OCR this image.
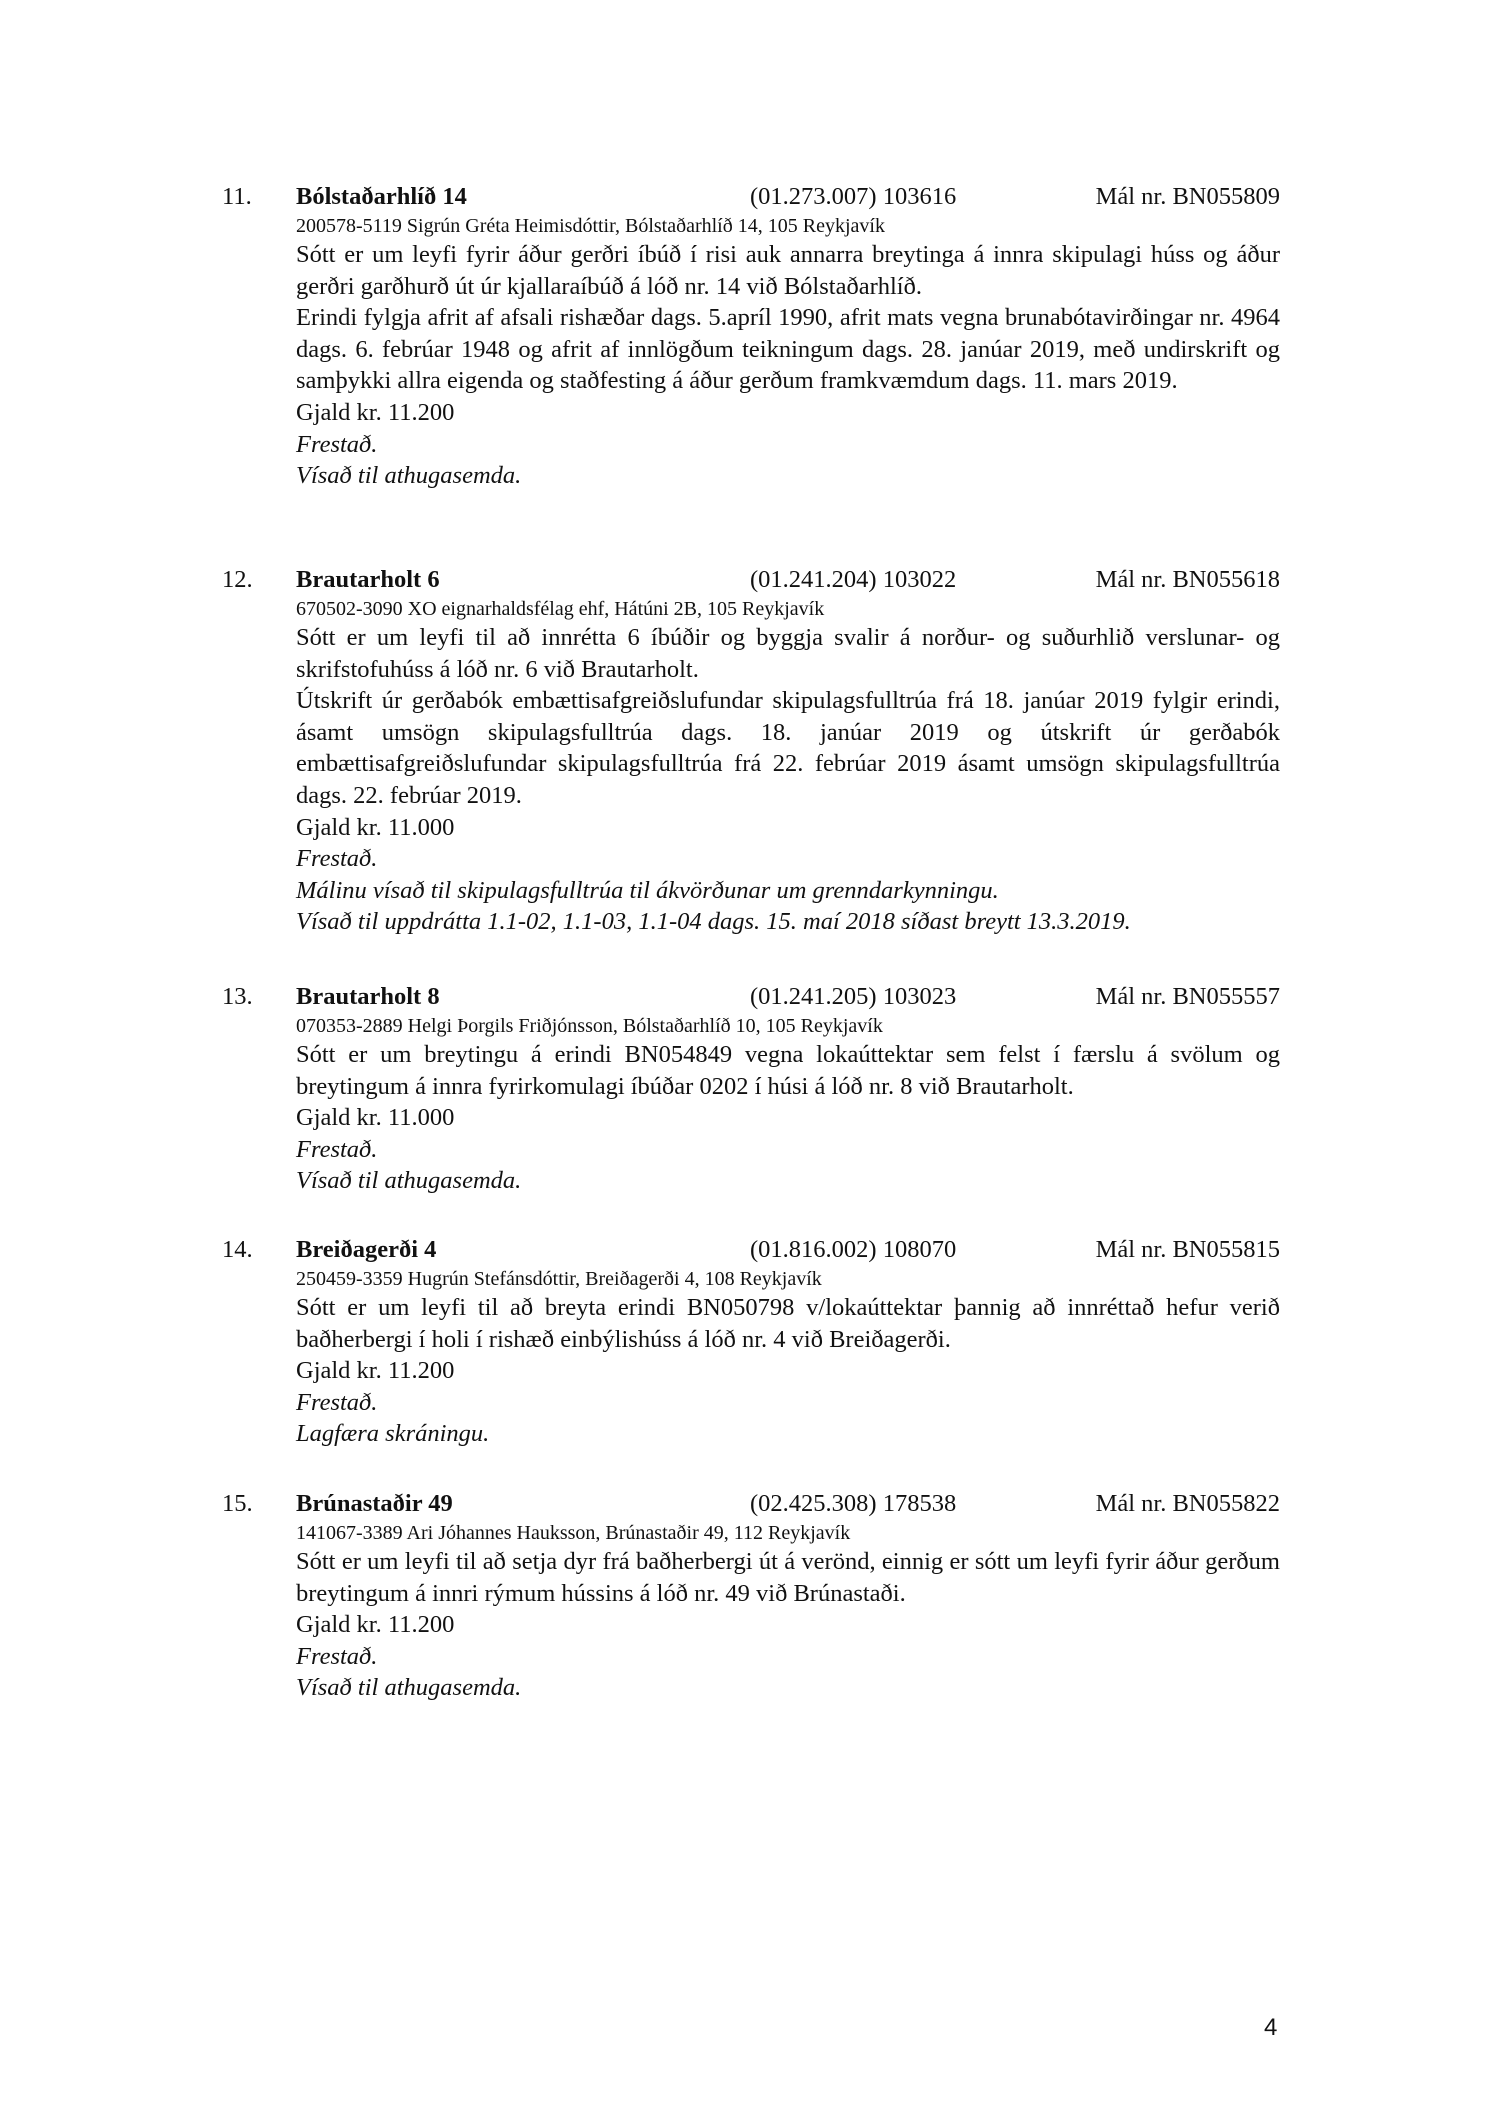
11. Bólstaðarhlíð 14	(01.273.007) 103616	Mál nr. BN055809
200578-5119 Sigrún Gréta Heimisdóttir, Bólstaðarhlíð 14, 105 Reykjavík
Sótt er um leyfi fyrir áður gerðri íbúð í risi auk annarra breytinga á innra skipulagi húss og áður gerðri garðhurð út úr kjallaraíbúð á lóð nr. 14 við Bólstaðarhlíð.
Erindi fylgja afrit af afsali rishæðar dags. 5.apríl 1990, afrit mats vegna brunabótavirðingar nr. 4964 dags. 6. febrúar 1948 og afrit af innlögðum teikningum dags. 28. janúar 2019, með undirskrift og samþykki allra eigenda og staðfesting á áður gerðum framkvæmdum dags. 11. mars 2019.
Gjald kr. 11.200
Frestað.
Vísað til athugasemda.
12. Brautarholt 6	(01.241.204) 103022	Mál nr. BN055618
670502-3090 XO eignarhaldsfélag ehf, Hátúni 2B, 105 Reykjavík
Sótt er um leyfi til að innrétta 6 íbúðir og byggja svalir á norður- og suðurhlið verslunar- og skrifstofuhúss á lóð nr. 6 við Brautarholt.
Útskrift úr gerðabók embættisafgreiðslufundar skipulagsfulltrúa frá 18. janúar 2019 fylgir erindi, ásamt umsögn skipulagsfulltrúa dags. 18. janúar 2019 og útskrift úr gerðabók embættisafgreiðslufundar skipulagsfulltrúa frá 22. febrúar 2019 ásamt umsögn skipulagsfulltrúa dags. 22. febrúar 2019.
Gjald kr. 11.000
Frestað.
Málinu vísað til skipulagsfulltrúa til ákvörðunar um grenndarkynningu.
Vísað til uppdrátta 1.1-02, 1.1-03, 1.1-04 dags. 15. maí 2018 síðast breytt 13.3.2019.
13. Brautarholt 8	(01.241.205) 103023	Mál nr. BN055557
070353-2889 Helgi Þorgils Friðjónsson, Bólstaðarhlíð 10, 105 Reykjavík
Sótt er um breytingu á erindi BN054849 vegna lokaúttektar sem felst í færslu á svölum og breytingum á innra fyrirkomulagi íbúðar 0202 í húsi á lóð nr. 8 við Brautarholt.
Gjald kr. 11.000
Frestað.
Vísað til athugasemda.
14. Breiðagerði 4	(01.816.002) 108070	Mál nr. BN055815
250459-3359 Hugrún Stefánsdóttir, Breiðagerði 4, 108 Reykjavík
Sótt er um leyfi til að breyta erindi BN050798 v/lokaúttektar þannig að innréttað hefur verið baðherbergi í holi í rishæð einbýlishúss á lóð nr. 4 við Breiðagerði.
Gjald kr. 11.200
Frestað.
Lagfæra skráningu.
15. Brúnastaðir 49	(02.425.308) 178538	Mál nr. BN055822
141067-3389 Ari Jóhannes Hauksson, Brúnastaðir 49, 112 Reykjavík
Sótt er um leyfi til að setja dyr frá baðherbergi út á verönd, einnig er sótt um leyfi fyrir áður gerðum breytingum á innri rýmum hússins á lóð nr. 49 við Brúnastaði.
Gjald kr. 11.200
Frestað.
Vísað til athugasemda.
4
